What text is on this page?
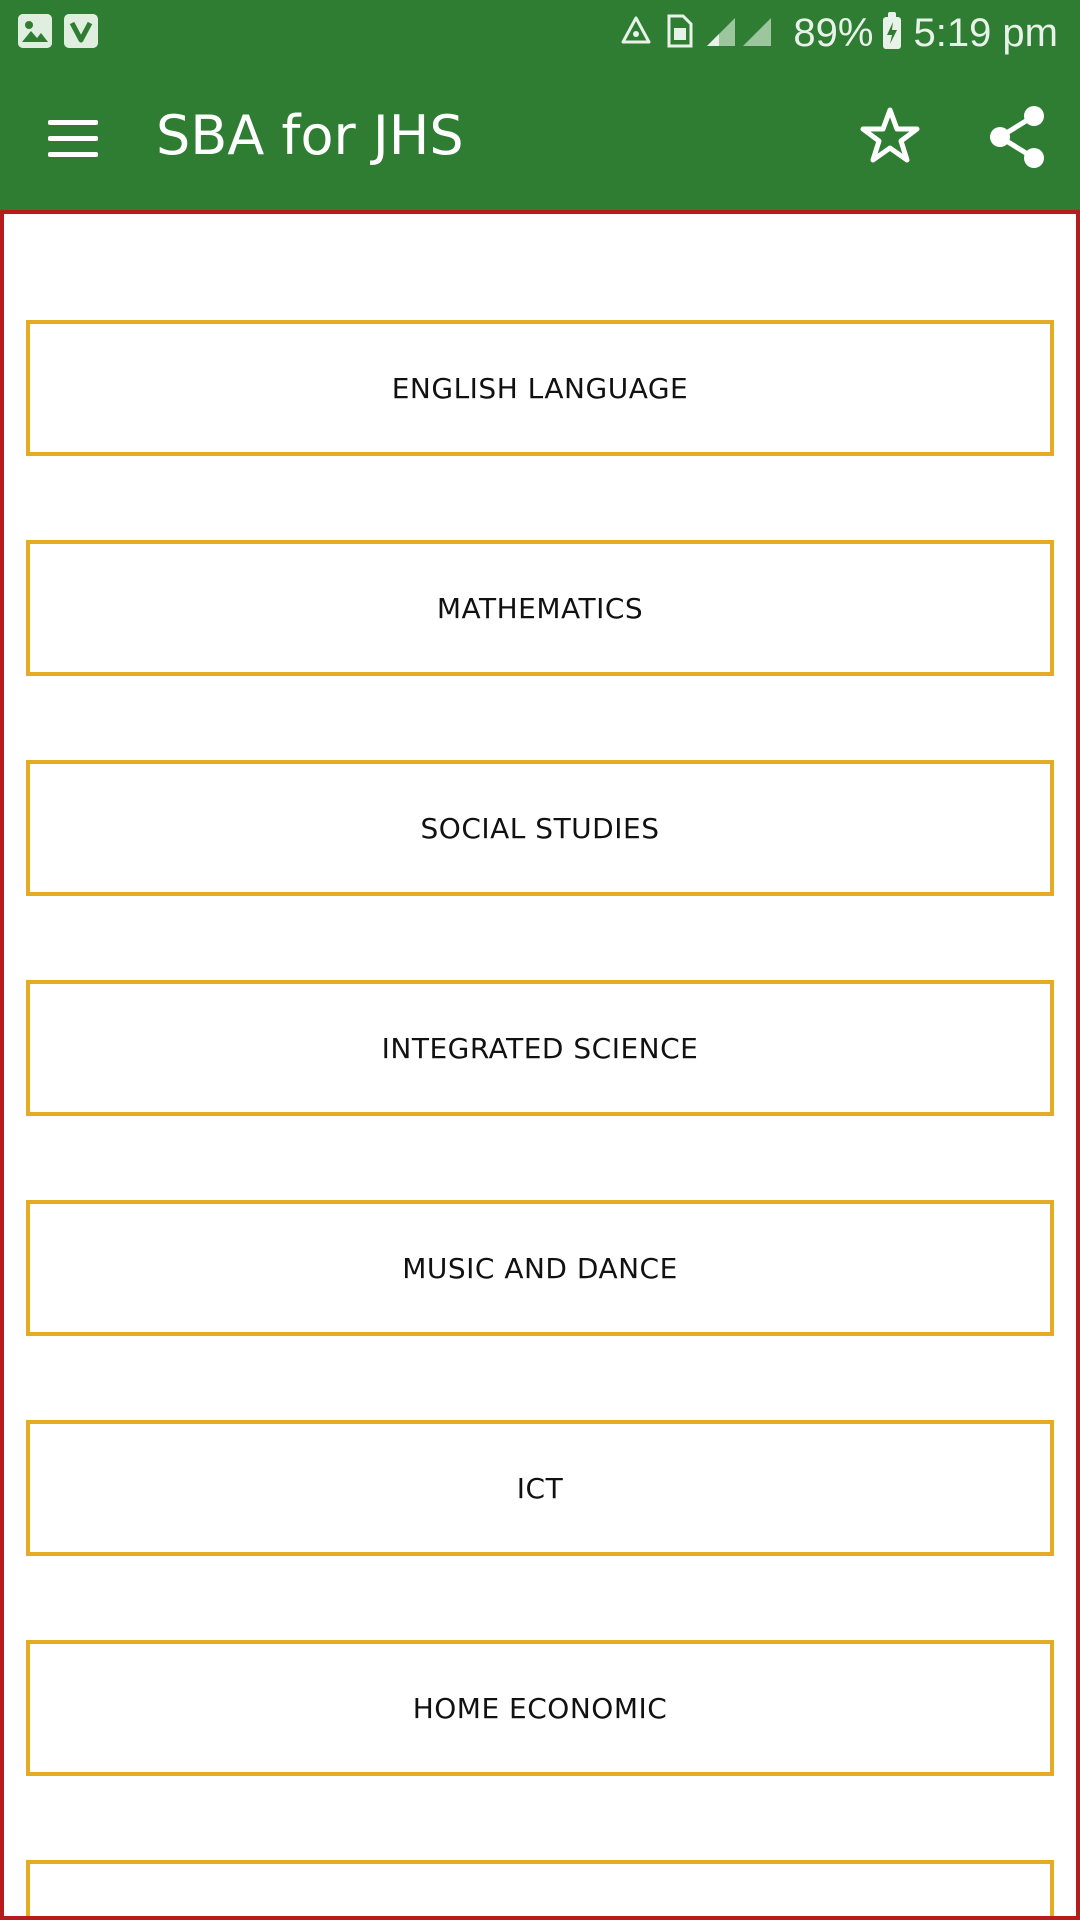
89% 5:19 pm
SBA for JHS
ENGLISH LANGUAGE
MATHEMATICS
SOCIAL STUDIES
INTEGRATED SCIENCE
MUSIC AND DANCE
ICT
HOME ECONOMIC
